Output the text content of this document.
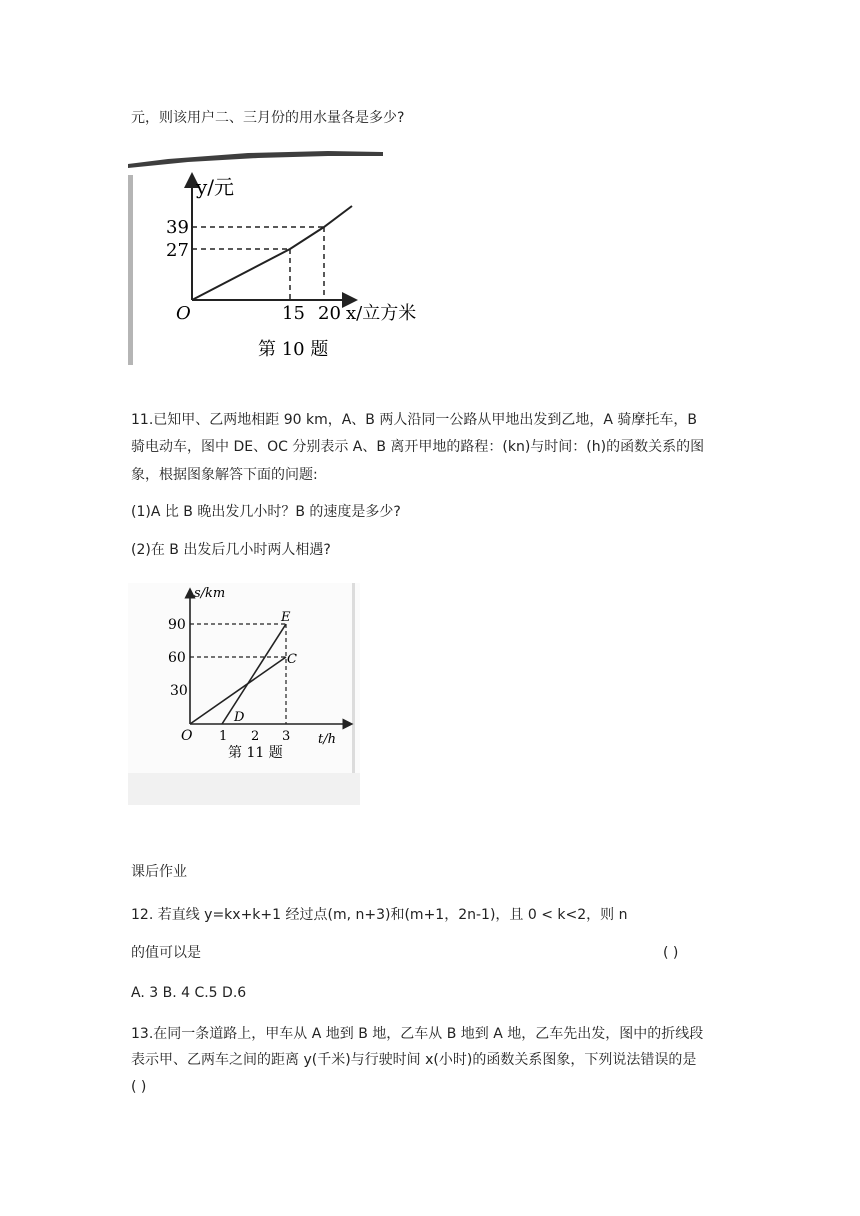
元，则该用户二、三月份的用水量各是多少?
y/元
39
27
O	15 20 x/立方米
第 10 题
11.已知甲、乙两地相距 90 km，A、B 两人沿同一公路从甲地出发到乙地，A 骑摩托车，B
骑电动车，图中 DE、OC 分别表示 A、B 离开甲地的路程：(kn)与时间：(h)的函数关系的图
象，根据图象解答下面的问题:
(1)A 比 B 晚出发几小时？B 的速度是多少?
(2)在 B 出发后几小时两人相遇?
s/km
90
60
30
O 1 2 3 t/h
E
C
D
第 11 题
课后作业
12. 若直线 y=kx+k+1 经过点(m, n+3)和(m+1，2n-1)，且 0 < k<2，则 n
的值可以是	( )
A. 3 B. 4 C.5 D.6
13.在同一条道路上，甲车从 A 地到 B 地，乙车从 B 地到 A 地，乙车先出发，图中的折线段
表示甲、乙两车之间的距离 y(千米)与行驶时间 x(小时)的函数关系图象，下列说法错误的是
( )
